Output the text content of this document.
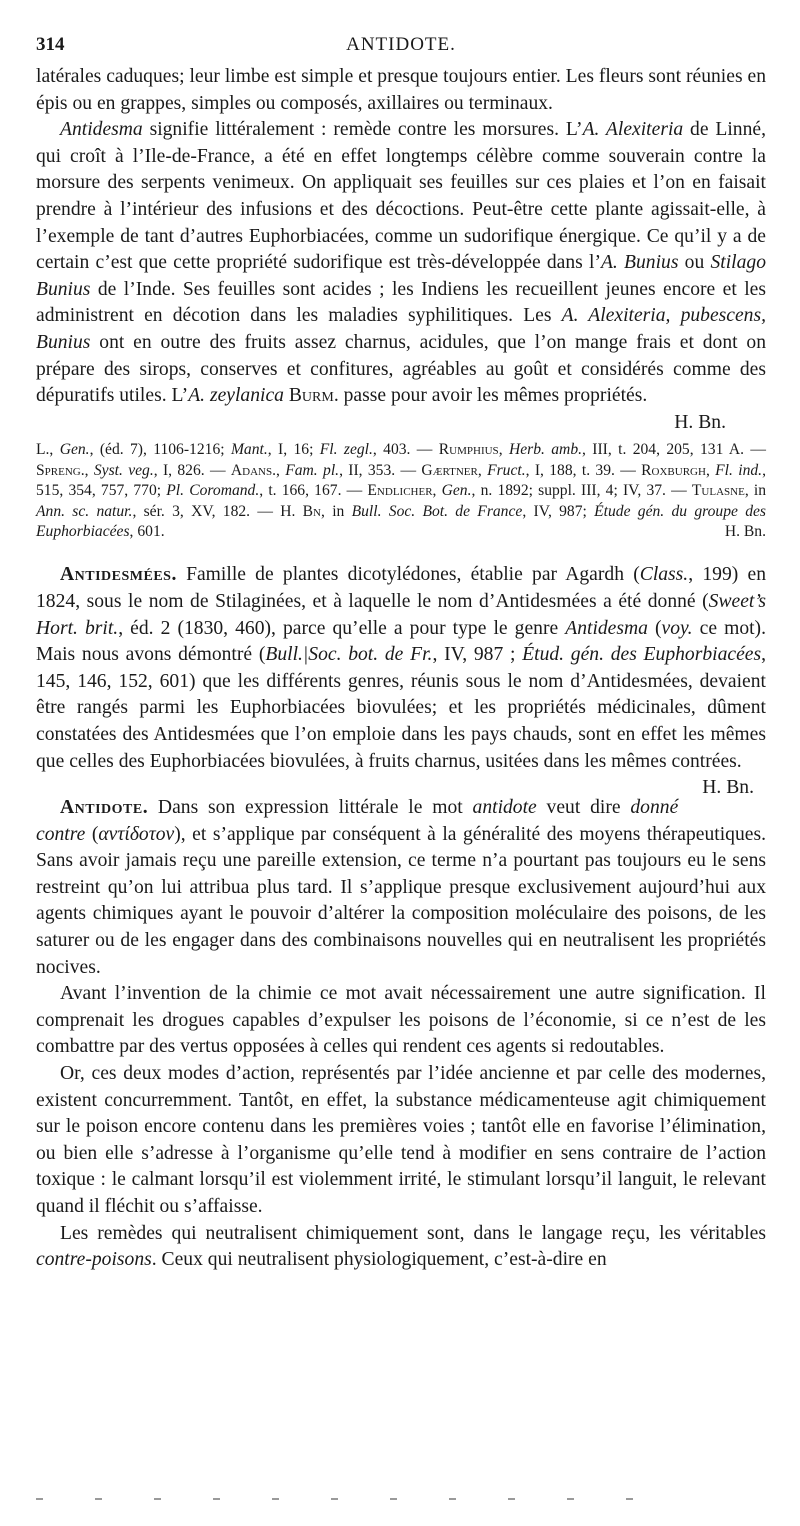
314	ANTIDOTE.

latérales caduques; leur limbe est simple et presque toujours entier. Les fleurs sont réunies en épis ou en grappes, simples ou composés, axillaires ou terminaux.

Antidesma signifie littéralement : remède contre les morsures. L’A. Alexiteria de Linné, qui croît à l’Ile-de-France, a été en effet longtemps célèbre comme souverain contre la morsure des serpents venimeux. On appliquait ses feuilles sur ces plaies et l’on en faisait prendre à l’intérieur des infusions et des décoctions. Peut-être cette plante agissait-elle, à l’exemple de tant d’autres Euphorbiacées, comme un sudorifique énergique. Ce qu’il y a de certain c’est que cette propriété sudorifique est très-développée dans l’A. Bunius ou Stilago Bunius de l’Inde. Ses feuilles sont acides ; les Indiens les recueillent jeunes encore et les administrent en décotion dans les maladies syphilitiques. Les A. Alexiteria, pubescens, Bunius ont en outre des fruits assez charnus, acidules, que l’on mange frais et dont on prépare des sirops, conserves et confitures, agréables au goût et considérés comme des dépuratifs utiles. L’A. zeylanica Burm. passe pour avoir les mêmes propriétés.

H. Bn.

L., Gen., (éd. 7), 1106-1216; Mant., I, 16; Fl. zegl., 403. — Rumphius, Herb. amb., III, t. 204, 205, 131 A. — Spreng., Syst. veg., I, 826. — Adans., Fam. pl., II, 353. — Gærtner, Fruct., I, 188, t. 39. — Roxburgh, Fl. ind., 515, 354, 757, 770; Pl. Coromand., t. 166, 167. — Endlicher, Gen., n. 1892; suppl. III, 4; IV, 37. — Tulasne, in Ann. sc. natur., sér. 3, XV, 182. — H. Bn, in Bull. Soc. Bot. de France, IV, 987; Étude gén. du groupe des Euphorbiacées, 601.	H. Bn.

Antidesmées. Famille de plantes dicotylédones, établie par Agardh (Class., 199) en 1824, sous le nom de Stilaginées, et à laquelle le nom d’Antidesmées a été donné (Sweet’s Hort. brit., éd. 2 (1830, 460), parce qu’elle a pour type le genre Antidesma (voy. ce mot). Mais nous avons démontré (Bull.|Soc. bot. de Fr., IV, 987 ; Étud. gén. des Euphorbiacées, 145, 146, 152, 601) que les différents genres, réunis sous le nom d’Antidesmées, devaient être rangés parmi les Euphorbiacées biovulées; et les propriétés médicinales, dûment constatées des Antidesmées que l’on emploie dans les pays chauds, sont en effet les mêmes que celles des Euphorbiacées biovulées, à fruits charnus, usitées dans les mêmes contrées.
H. Bn.

Antidote. Dans son expression littérale le mot antidote veut dire donné contre (αντίδοτον), et s’applique par conséquent à la généralité des moyens thérapeutiques. Sans avoir jamais reçu une pareille extension, ce terme n’a pourtant pas toujours eu le sens restreint qu’on lui attribua plus tard. Il s’applique presque exclusivement aujourd’hui aux agents chimiques ayant le pouvoir d’altérer la composition moléculaire des poisons, de les saturer ou de les engager dans des combinaisons nouvelles qui en neutralisent les propriétés nocives.

Avant l’invention de la chimie ce mot avait nécessairement une autre signification. Il comprenait les drogues capables d’expulser les poisons de l’économie, si ce n’est de les combattre par des vertus opposées à celles qui rendent ces agents si redoutables.

Or, ces deux modes d’action, représentés par l’idée ancienne et par celle des modernes, existent concurremment. Tantôt, en effet, la substance médicamenteuse agit chimiquement sur le poison encore contenu dans les premières voies ; tantôt elle en favorise l’élimination, ou bien elle s’adresse à l’organisme qu’elle tend à modifier en sens contraire de l’action toxique : le calmant lorsqu’il est violemment irrité, le stimulant lorsqu’il languit, le relevant quand il fléchit ou s’affaisse.

Les remèdes qui neutralisent chimiquement sont, dans le langage reçu, les véritables contre-poisons. Ceux qui neutralisent physiologiquement, c’est-à-dire en
